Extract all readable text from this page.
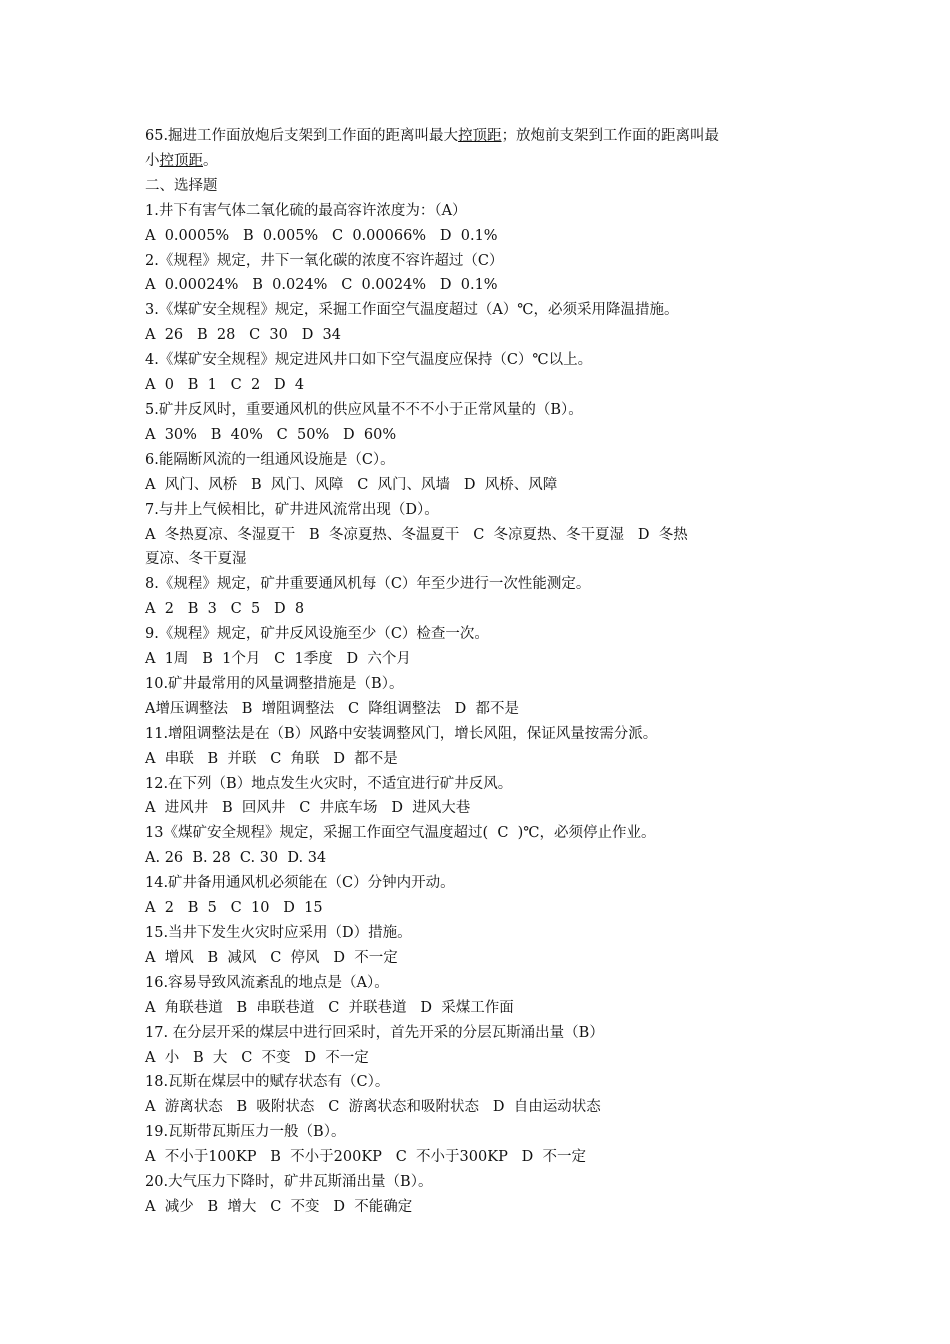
65.掘进工作面放炮后支架到工作面的距离叫最大控顶距；放炮前支架到工作面的距离叫最

小控顶距。

二、选择题

1.井下有害气体二氧化硫的最高容许浓度为：（A）

A  0.0005%   B  0.005%   C  0.00066%   D  0.1%

2.《规程》规定，井下一氧化碳的浓度不容许超过（C）

A  0.00024%   B  0.024%   C  0.0024%   D  0.1%

3.《煤矿安全规程》规定，采掘工作面空气温度超过（A）℃，必须采用降温措施。

A  26   B  28   C  30   D  34

4.《煤矿安全规程》规定进风井口如下空气温度应保持（C）℃以上。

A  0   B  1   C  2   D  4

5.矿井反风时，重要通风机的供应风量不不不小于正常风量的（B）。

A  30%   B  40%   C  50%   D  60%

6.能隔断风流的一组通风设施是（C）。

A  风门、风桥   B  风门、风障   C  风门、风墙   D  风桥、风障

7.与井上气候相比，矿井进风流常出现（D）。

A  冬热夏凉、冬湿夏干   B  冬凉夏热、冬温夏干   C  冬凉夏热、冬干夏湿   D  冬热
夏凉、冬干夏湿

8.《规程》规定，矿井重要通风机每（C）年至少进行一次性能测定。

A  2   B  3   C  5   D  8

9.《规程》规定，矿井反风设施至少（C）检查一次。

A  1周   B  1个月   C  1季度   D  六个月

10.矿井最常用的风量调整措施是（B）。

A增压调整法   B  增阻调整法   C  降组调整法   D  都不是

11.增阻调整法是在（B）风路中安装调整风门，增长风阻，保证风量按需分派。

A  串联   B  并联   C  角联   D  都不是

12.在下列（B）地点发生火灾时，不适宜进行矿井反风。

A  进风井   B  回风井   C  井底车场   D  进风大巷

13《煤矿安全规程》规定，采掘工作面空气温度超过(  C  )℃，必须停止作业。

A. 26  B. 28  C. 30  D. 34

14.矿井备用通风机必须能在（C）分钟内开动。

A  2   B  5   C  10   D  15

15.当井下发生火灾时应采用（D）措施。

A  增风   B  减风   C  停风   D  不一定

16.容易导致风流紊乱的地点是（A）。

A  角联巷道   B  串联巷道   C  并联巷道   D  采煤工作面

17. 在分层开采的煤层中进行回采时，首先开采的分层瓦斯涌出量（B）

A  小   B  大   C  不变   D  不一定

18.瓦斯在煤层中的赋存状态有（C）。

A  游离状态   B  吸附状态   C  游离状态和吸附状态   D  自由运动状态

19.瓦斯带瓦斯压力一般（B）。

A  不小于100KP   B  不小于200KP   C  不小于300KP   D  不一定

20.大气压力下降时，矿井瓦斯涌出量（B）。

A  减少   B  增大   C  不变   D  不能确定
